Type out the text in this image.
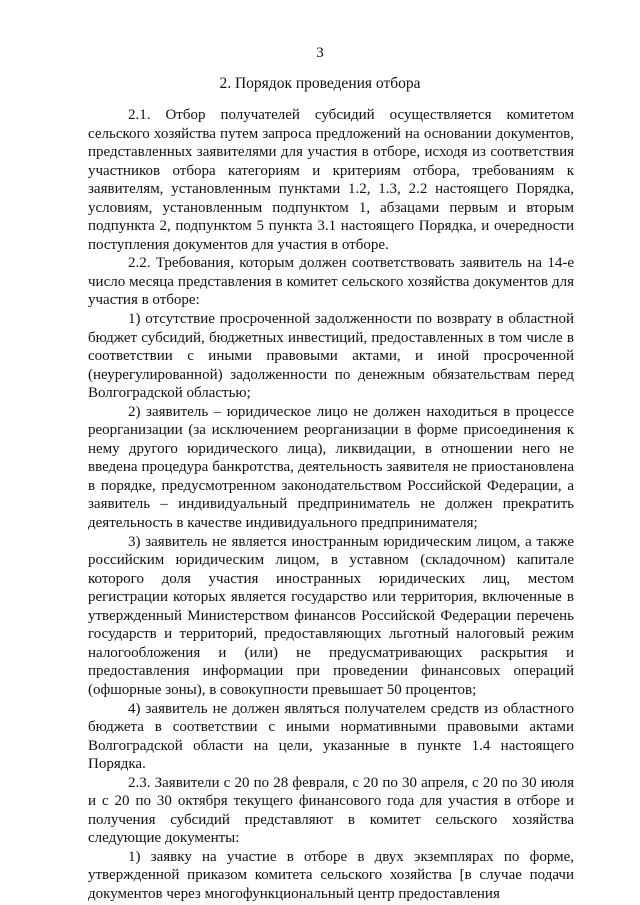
3
2. Порядок проведения отбора

2.1. Отбор получателей субсидий осуществляется комитетом сельского хозяйства путем запроса предложений на основании документов, представленных заявителями для участия в отборе, исходя из соответствия участников отбора категориям и критериям отбора, требованиям к заявителям, установленным пунктами 1.2, 1.3, 2.2 настоящего Порядка, условиям, установленным подпунктом 1, абзацами первым и вторым подпункта 2, подпунктом 5 пункта 3.1 настоящего Порядка, и очередности поступления документов для участия в отборе.

2.2. Требования, которым должен соответствовать заявитель на 14-е число месяца представления в комитет сельского хозяйства документов для участия в отборе:

1) отсутствие просроченной задолженности по возврату в областной бюджет субсидий, бюджетных инвестиций, предоставленных в том числе в соответствии с иными правовыми актами, и иной просроченной (неурегулированной) задолженности по денежным обязательствам перед Волгоградской областью;

2) заявитель – юридическое лицо не должен находиться в процессе реорганизации (за исключением реорганизации в форме присоединения к нему другого юридического лица), ликвидации, в отношении него не введена процедура банкротства, деятельность заявителя не приостановлена в порядке, предусмотренном законодательством Российской Федерации, а заявитель – индивидуальный предприниматель не должен прекратить деятельность в качестве индивидуального предпринимателя;

3) заявитель не является иностранным юридическим лицом, а также российским юридическим лицом, в уставном (складочном) капитале которого доля участия иностранных юридических лиц, местом регистрации которых является государство или территория, включенные в утвержденный Министерством финансов Российской Федерации перечень государств и территорий, предоставляющих льготный налоговый режим налогообложения и (или) не предусматривающих раскрытия и предоставления информации при проведении финансовых операций (офшорные зоны), в совокупности превышает 50 процентов;

4) заявитель не должен являться получателем средств из областного бюджета в соответствии с иными нормативными правовыми актами Волгоградской области на цели, указанные в пункте 1.4 настоящего Порядка.

2.3. Заявители с 20 по 28 февраля, с 20 по 30 апреля, с 20 по 30 июля и с 20 по 30 октября текущего финансового года для участия в отборе и получения субсидий представляют в комитет сельского хозяйства следующие документы:

1) заявку на участие в отборе в двух экземплярах по форме, утвержденной приказом комитета сельского хозяйства [в случае подачи документов через многофункциональный центр предоставления
